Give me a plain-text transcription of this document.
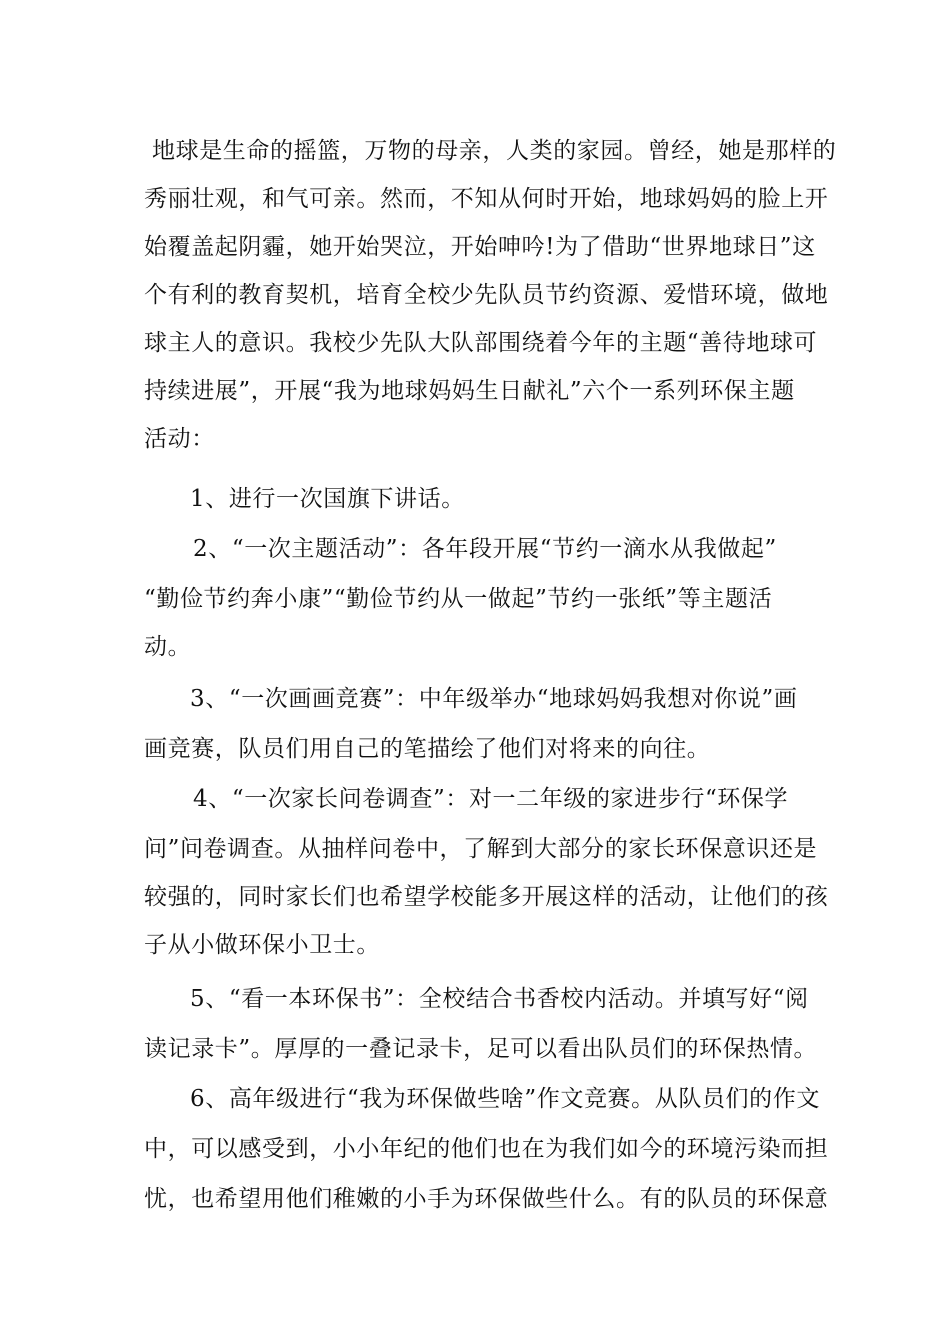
地球是生命的摇篮，万物的母亲，人类的家园。曾经，她是那样的
秀丽壮观，和气可亲。然而，不知从何时开始，地球妈妈的脸上开
始覆盖起阴霾，她开始哭泣，开始呻吟!为了借助“世界地球日”这
个有利的教育契机，培育全校少先队员节约资源、爱惜环境，做地
球主人的意识。我校少先队大队部围绕着今年的主题“善待地球可
持续进展”，开展“我为地球妈妈生日献礼”六个一系列环保主题
活动：
1、进行一次国旗下讲话。
2、“一次主题活动”：各年段开展“节约一滴水从我做起”
“勤俭节约奔小康”“勤俭节约从一做起”节约一张纸”等主题活
动。
3、“一次画画竞赛”：中年级举办“地球妈妈我想对你说”画
画竞赛，队员们用自己的笔描绘了他们对将来的向往。
4、“一次家长问卷调查”：对一二年级的家进步行“环保学
问”问卷调查。从抽样问卷中，了解到大部分的家长环保意识还是
较强的，同时家长们也希望学校能多开展这样的活动，让他们的孩
子从小做环保小卫士。
5、“看一本环保书”：全校结合书香校内活动。并填写好“阅
读记录卡”。厚厚的一叠记录卡，足可以看出队员们的环保热情。
6、高年级进行“我为环保做些啥”作文竞赛。从队员们的作文
中，可以感受到，小小年纪的他们也在为我们如今的环境污染而担
忧，也希望用他们稚嫩的小手为环保做些什么。有的队员的环保意
